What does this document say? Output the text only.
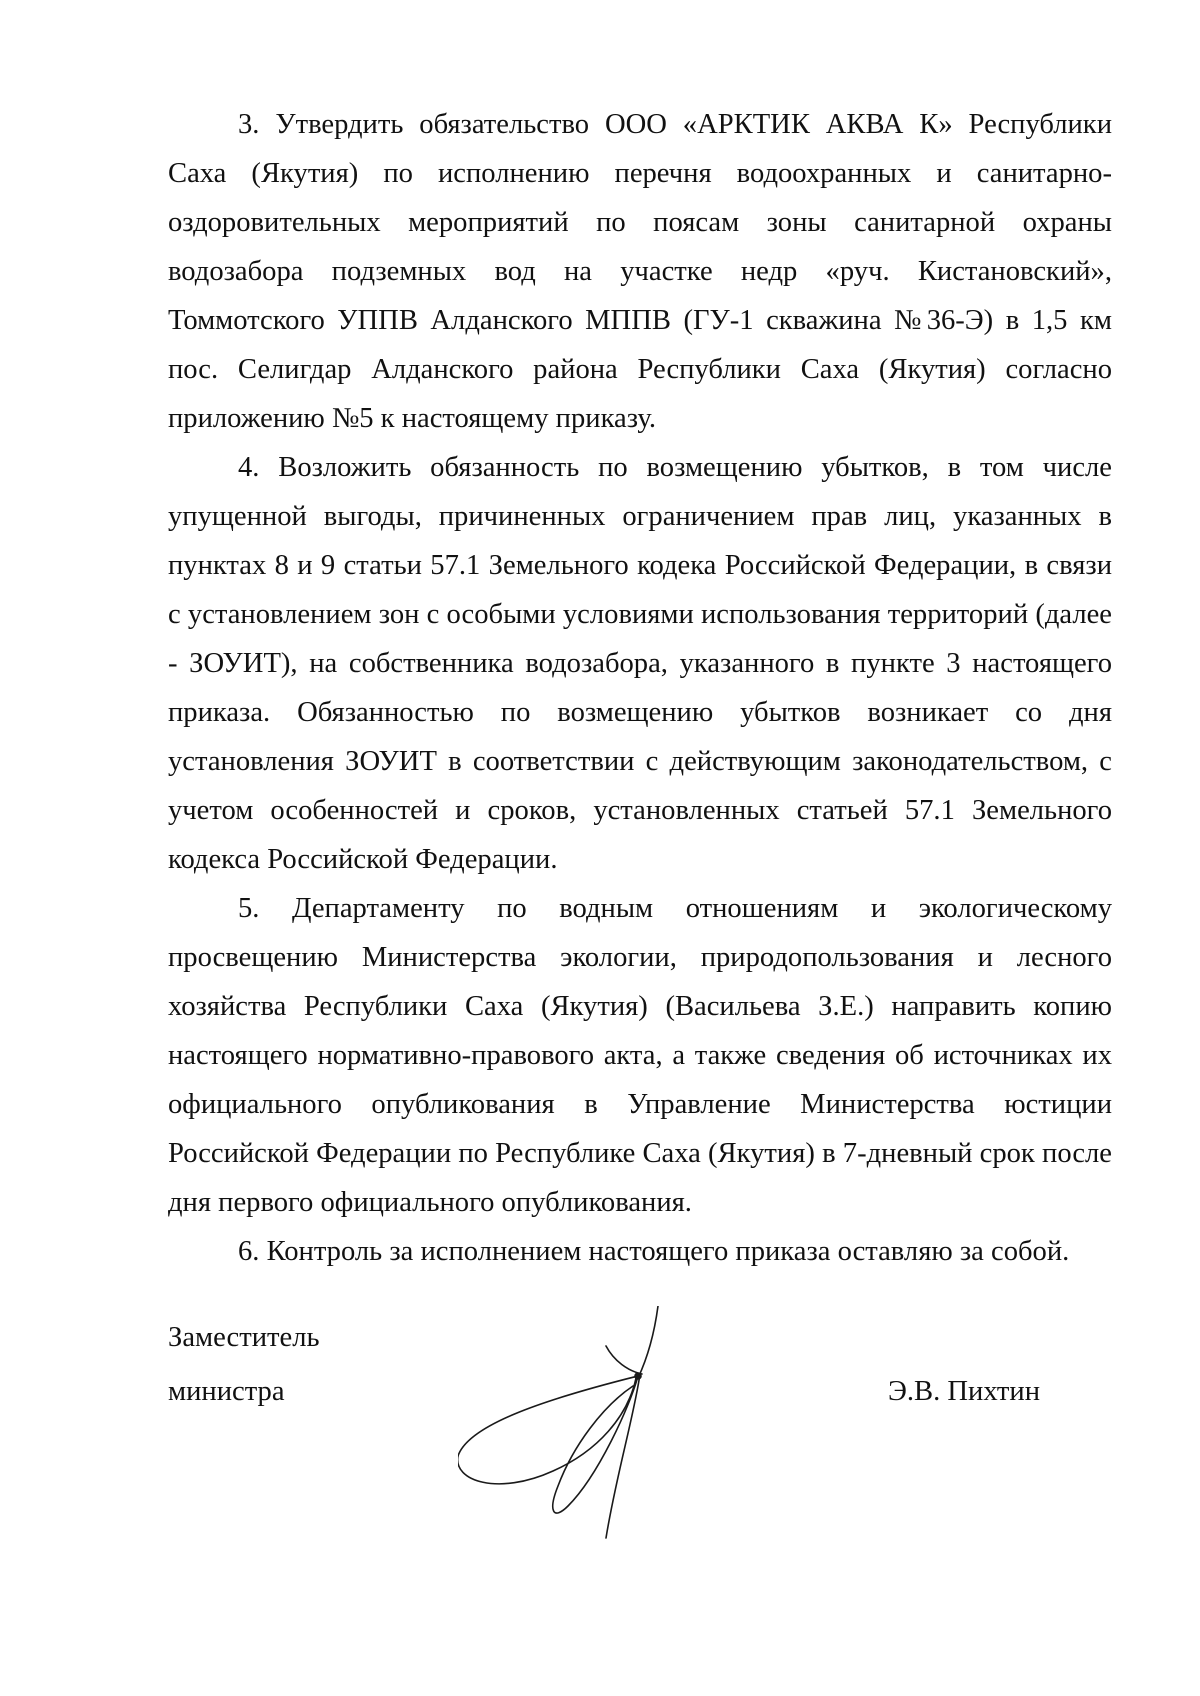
3. Утвердить обязательство ООО «АРКТИК АКВА К» Республики Саха (Якутия) по исполнению перечня водоохранных и санитарно-оздоровительных мероприятий по поясам зоны санитарной охраны водозабора подземных вод на участке недр «руч. Кистановский», Томмотского УППВ Алданского МППВ (ГУ-1 скважина №36-Э) в 1,5 км пос. Селигдар Алданского района Республики Саха (Якутия) согласно приложению №5 к настоящему приказу.

4. Возложить обязанность по возмещению убытков, в том числе упущенной выгоды, причиненных ограничением прав лиц, указанных в пунктах 8 и 9 статьи 57.1 Земельного кодека Российской Федерации, в связи с установлением зон с особыми условиями использования территорий (далее - ЗОУИТ), на собственника водозабора, указанного в пункте 3 настоящего приказа. Обязанностью по возмещению убытков возникает со дня установления ЗОУИТ в соответствии с действующим законодательством, с учетом особенностей и сроков, установленных статьей 57.1 Земельного кодекса Российской Федерации.

5. Департаменту по водным отношениям и экологическому просвещению Министерства экологии, природопользования и лесного хозяйства Республики Саха (Якутия) (Васильева З.Е.) направить копию настоящего нормативно-правового акта, а также сведения об источниках их официального опубликования в Управление Министерства юстиции Российской Федерации по Республике Саха (Якутия) в 7-дневный срок после дня первого официального опубликования.

6. Контроль за исполнением настоящего приказа оставляю за собой.

Заместитель
министра	Э.В. Пихтин
